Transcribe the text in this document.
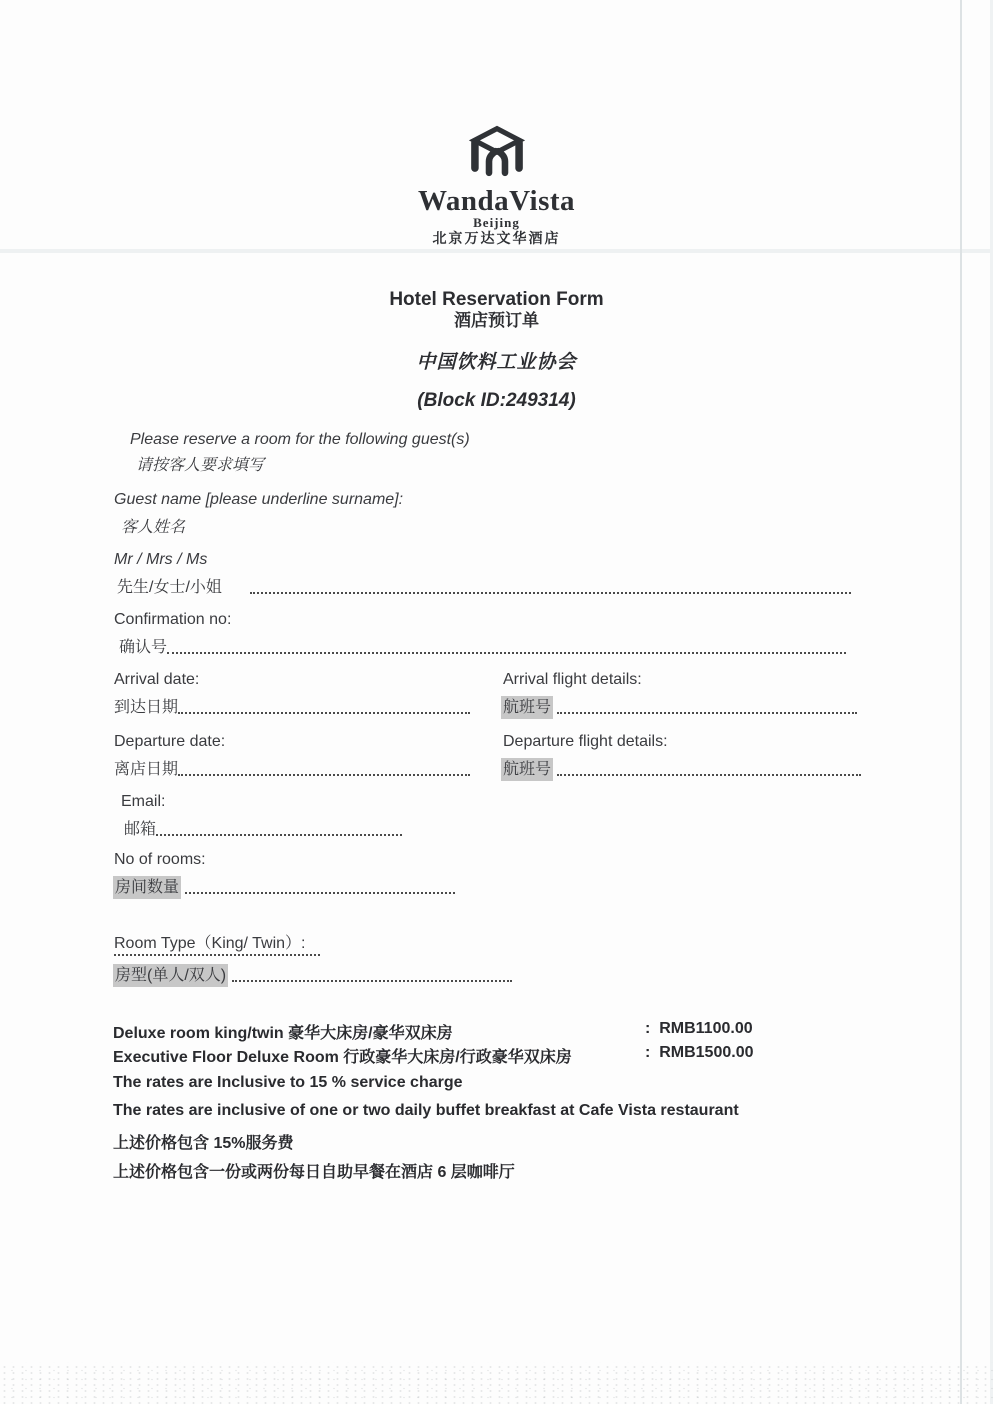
WandaVista
Beijing
北京万达文华酒店
Hotel Reservation Form
酒店预订单
中国饮料工业协会
(Block ID:249314)
Please reserve a room for the following guest(s)
请按客人要求填写
Guest name [please underline surname]:
客人姓名
Mr / Mrs / Ms
先生/女士/小姐
Confirmation no:
确认号
Arrival date:	Arrival flight details:
到达日期	航班号
Departure date:	Departure flight details:
离店日期	航班号
Email:
邮箱
No of rooms:
房间数量
Room Type（King/ Twin）:
房型(单人/双人)
Deluxe room king/twin 豪华大床房/豪华双床房	:  RMB1100.00
Executive Floor Deluxe Room 行政豪华大床房/行政豪华双床房	:  RMB1500.00
The rates are Inclusive to 15 % service charge
The rates are inclusive of one or two daily buffet breakfast at Cafe Vista restaurant
上述价格包含 15%服务费
上述价格包含一份或两份每日自助早餐在酒店 6 层咖啡厅
